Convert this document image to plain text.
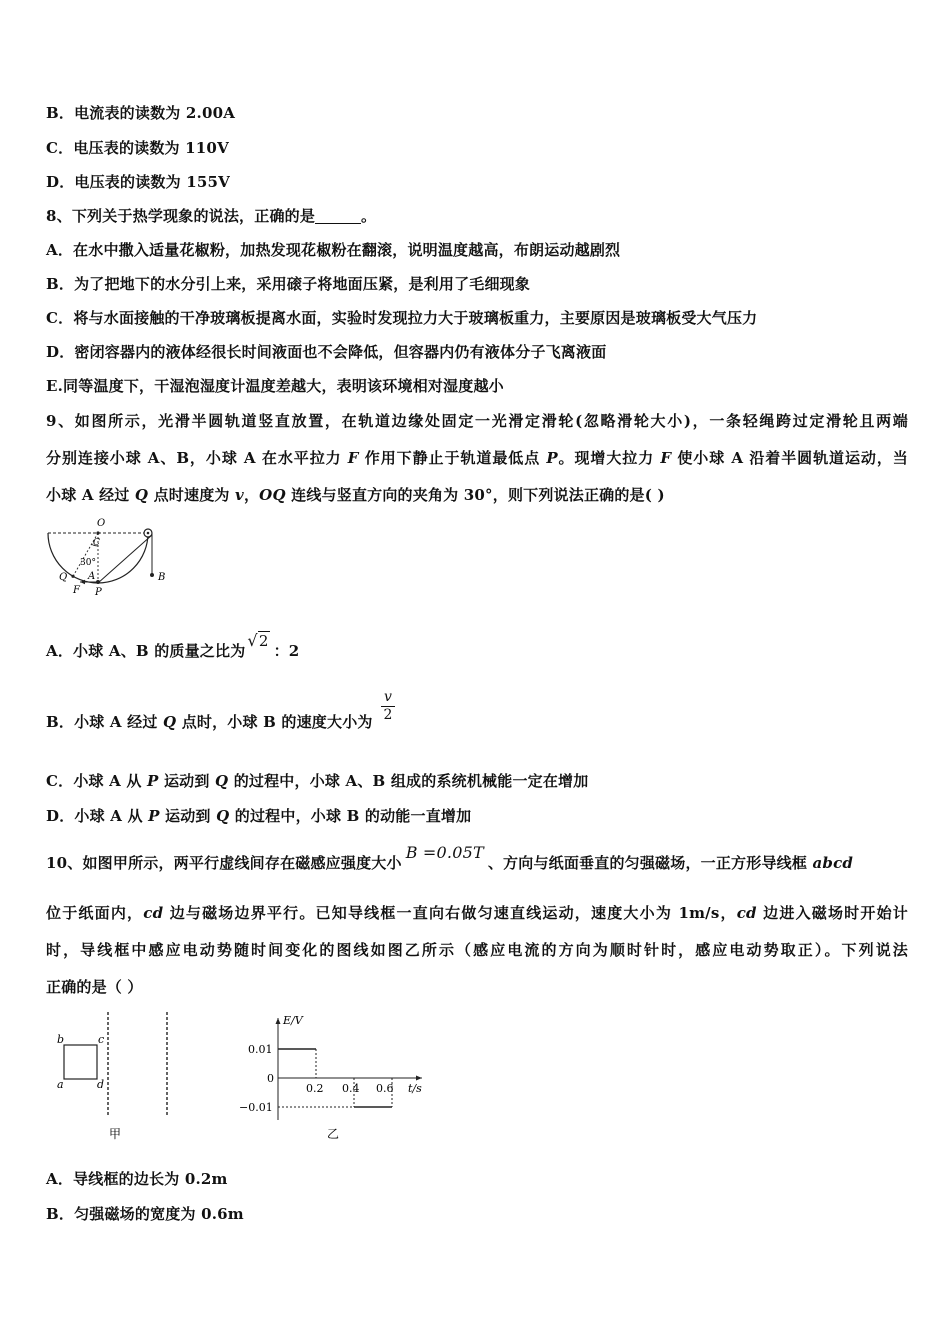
B．电流表的读数为 2.00A
C．电压表的读数为 110V
D．电压表的读数为 155V
8、下列关于热学现象的说法，正确的是	。
A．在水中撒入适量花椒粉，加热发现花椒粉在翻滚，说明温度越高，布朗运动越剧烈
B．为了把地下的水分引上来，采用磙子将地面压紧，是利用了毛细现象
C．将与水面接触的干净玻璃板提离水面，实验时发现拉力大于玻璃板重力，主要原因是玻璃板受大气压力
D．密闭容器内的液体经很长时间液面也不会降低，但容器内仍有液体分子飞离液面
E.同等温度下，干湿泡湿度计温度差越大，表明该环境相对湿度越小
9、如图所示，光滑半圆轨道竖直放置，在轨道边缘处固定一光滑定滑轮(忽略滑轮大小)，一条轻绳跨过定滑轮且两端
分别连接小球 A、B，小球 A 在水平拉力 F 作用下静止于轨道最低点 P。现增大拉力 F 使小球 A 沿着半圆轨道运动，当
小球 A 经过 Q 点时速度为 v，OQ 连线与竖直方向的夹角为 30°，则下列说法正确的是( )
O
C
30°
Q A
F P
B
A．小球 A、B 的质量之比为√2：2
B．小球 A 经过 Q 点时，小球 B 的速度大小为 $\frac{v}{2}$
C．小球 A 从 P 运动到 Q 的过程中，小球 A、B 组成的系统机械能一定在增加
D．小球 A 从 P 运动到 Q 的过程中，小球 B 的动能一直增加
10、如图甲所示，两平行虚线间存在磁感应强度大小B =0.05T、方向与纸面垂直的匀强磁场，一正方形导线框 abcd
位于纸面内，cd 边与磁场边界平行。已知导线框一直向右做匀速直线运动，速度大小为 1m/s，cd 边进入磁场时开始计
时，导线框中感应电动势随时间变化的图线如图乙所示（感应电流的方向为顺时针时，感应电动势取正）。下列说法
正确的是（ ）
b	c
a	d
甲
E/V
0.01
0
−0.01
0.2 0.4 0.6 t/s
乙
A．导线框的边长为 0.2m
B．匀强磁场的宽度为 0.6m
